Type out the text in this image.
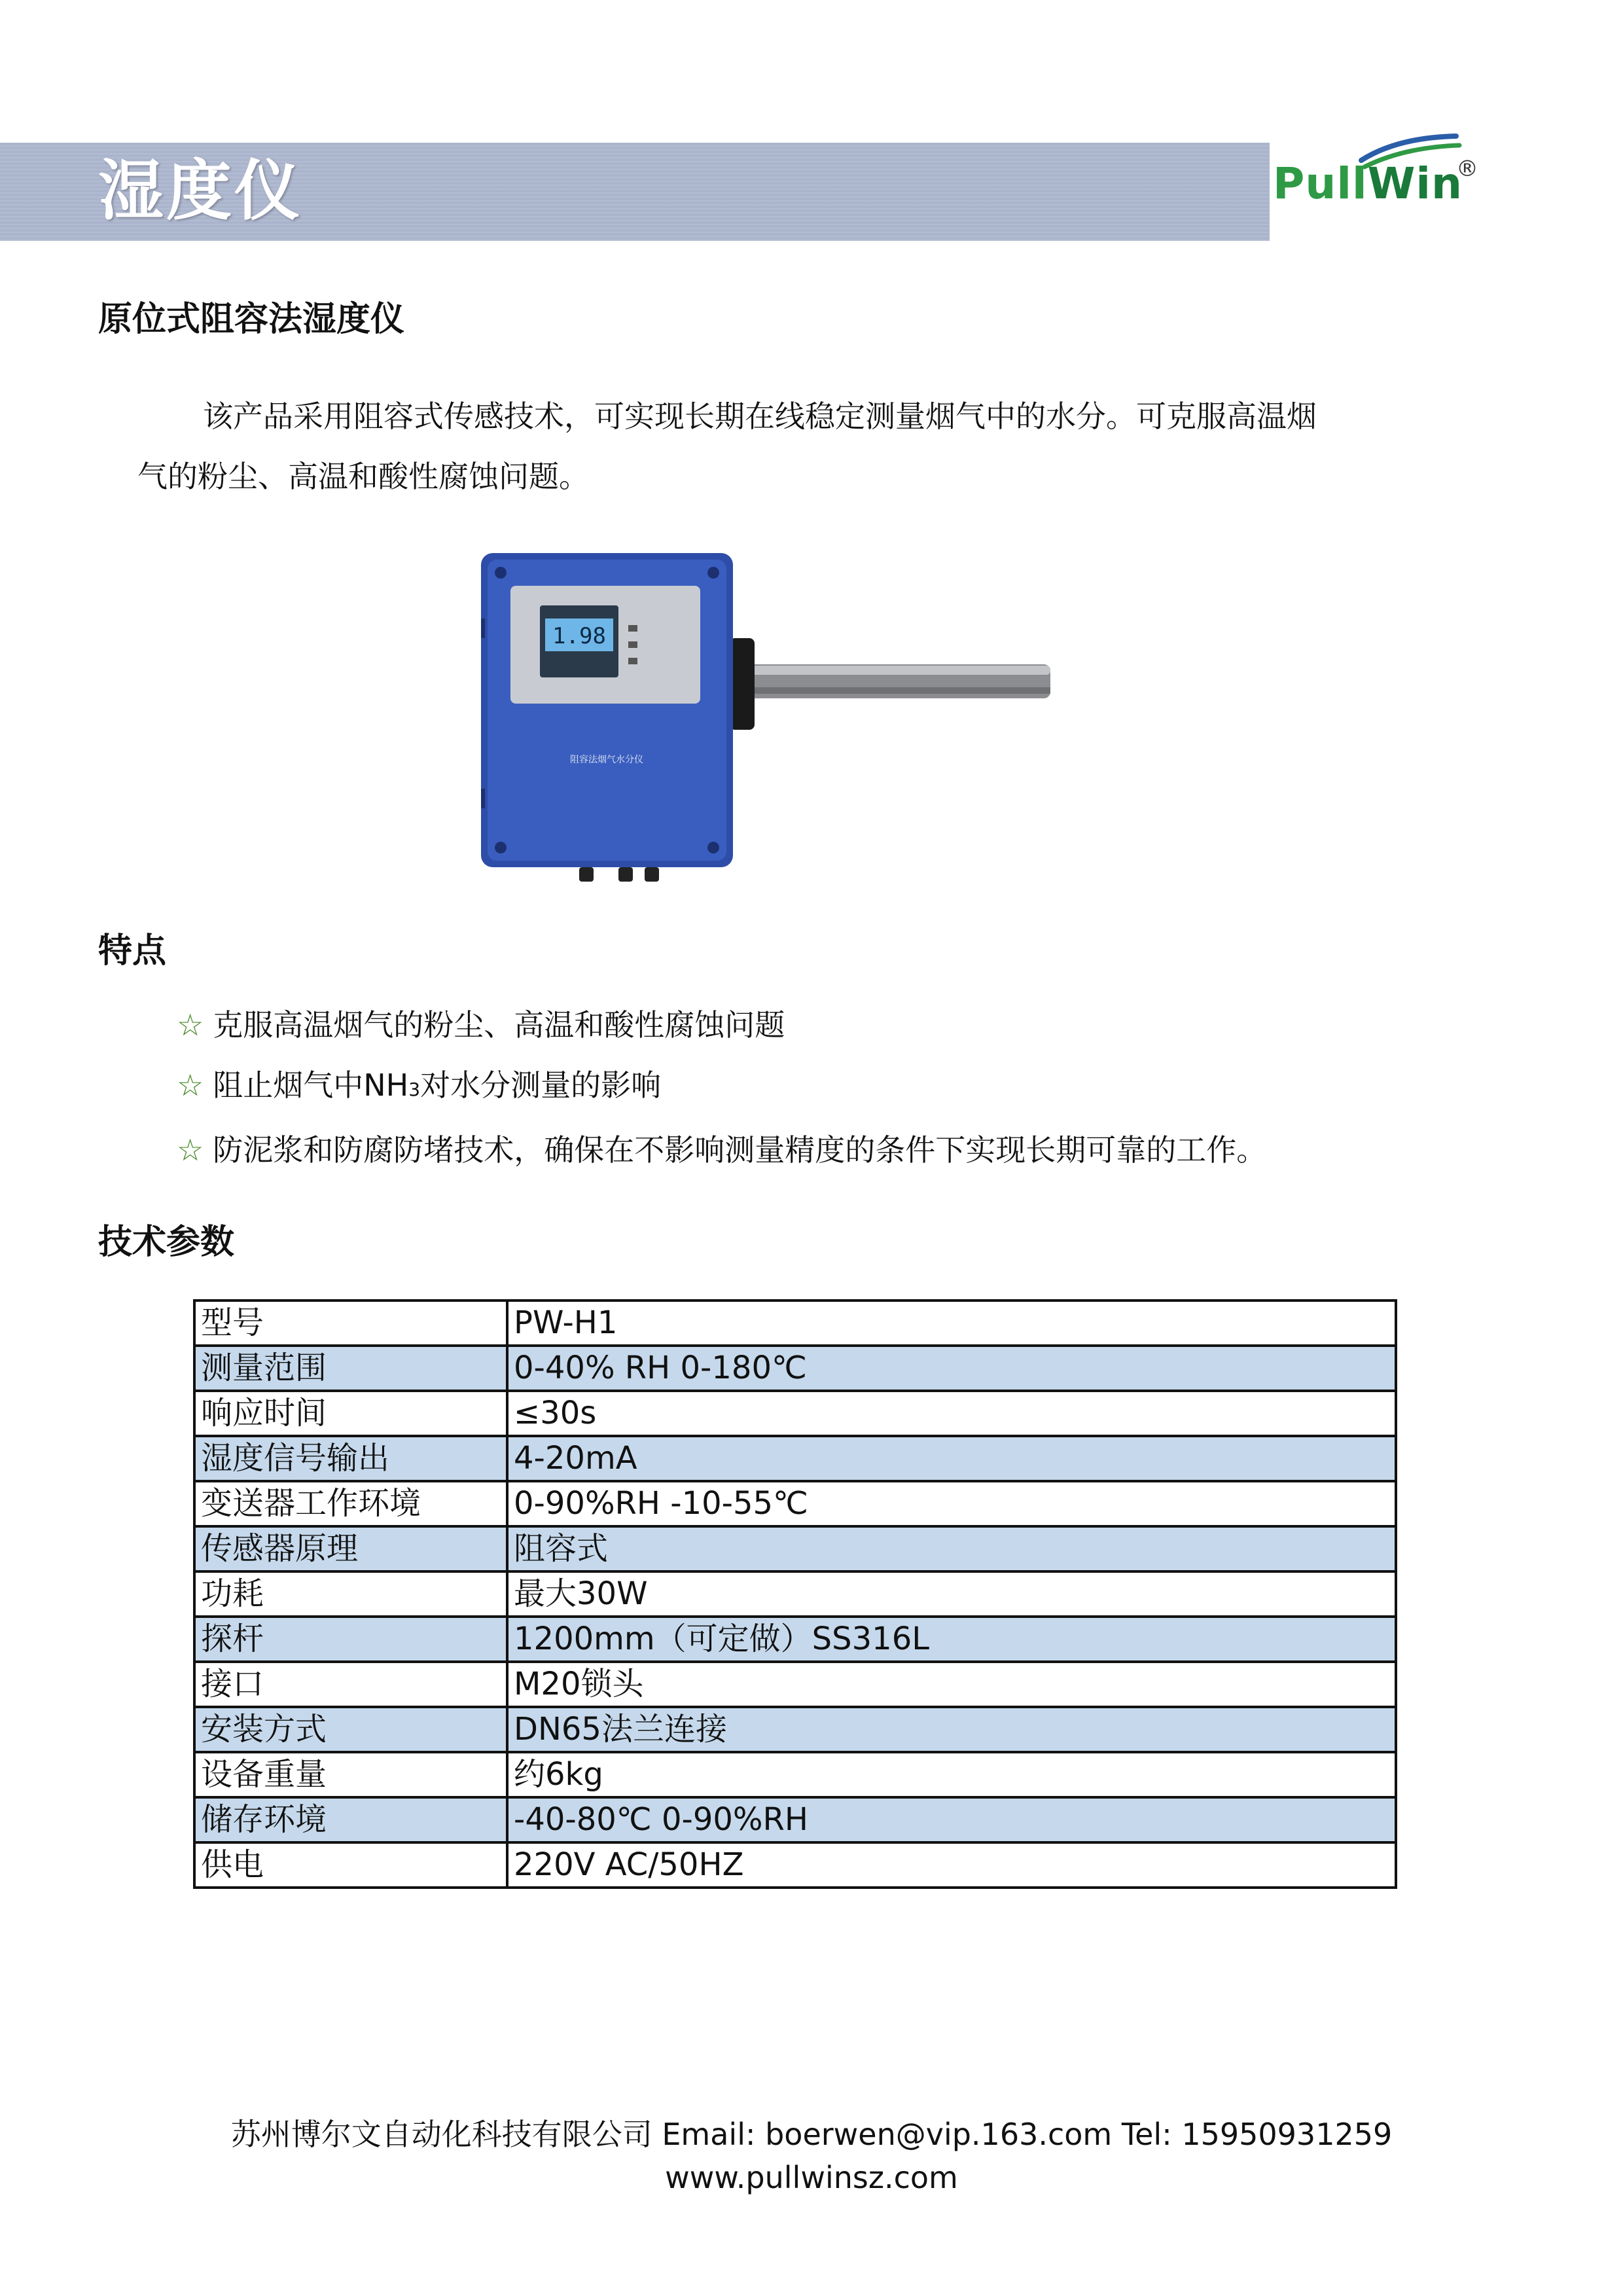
湿度仪	PullWin
®
原位式阻容法湿度仪
该产品采用阻容式传感技术，可实现长期在线稳定测量烟气中的水分。可克服高温烟
气的粉尘、高温和酸性腐蚀问题。
1.98
阻容法烟气水分仪
特点
☆ 克服高温烟气的粉尘、高温和酸性腐蚀问题
☆ 阻止烟气中NH3对水分测量的影响
☆ 防泥浆和防腐防堵技术，确保在不影响测量精度的条件下实现长期可靠的工作。
技术参数
型号	PW-H1
测量范围	0-40% RH 0-180℃
响应时间	≤30s
湿度信号输出	4-20mA
变送器工作环境	0-90%RH -10-55℃
传感器原理	阻容式
功耗	最大30W
探杆	1200mm（可定做）SS316L
接口	M20锁头
安装方式	DN65法兰连接
设备重量	约6kg
储存环境	-40-80℃ 0-90%RH
供电	220V AC/50HZ
苏州博尔文自动化科技有限公司 Email: boerwen@vip.163.com Tel: 15950931259
www.pullwinsz.com
